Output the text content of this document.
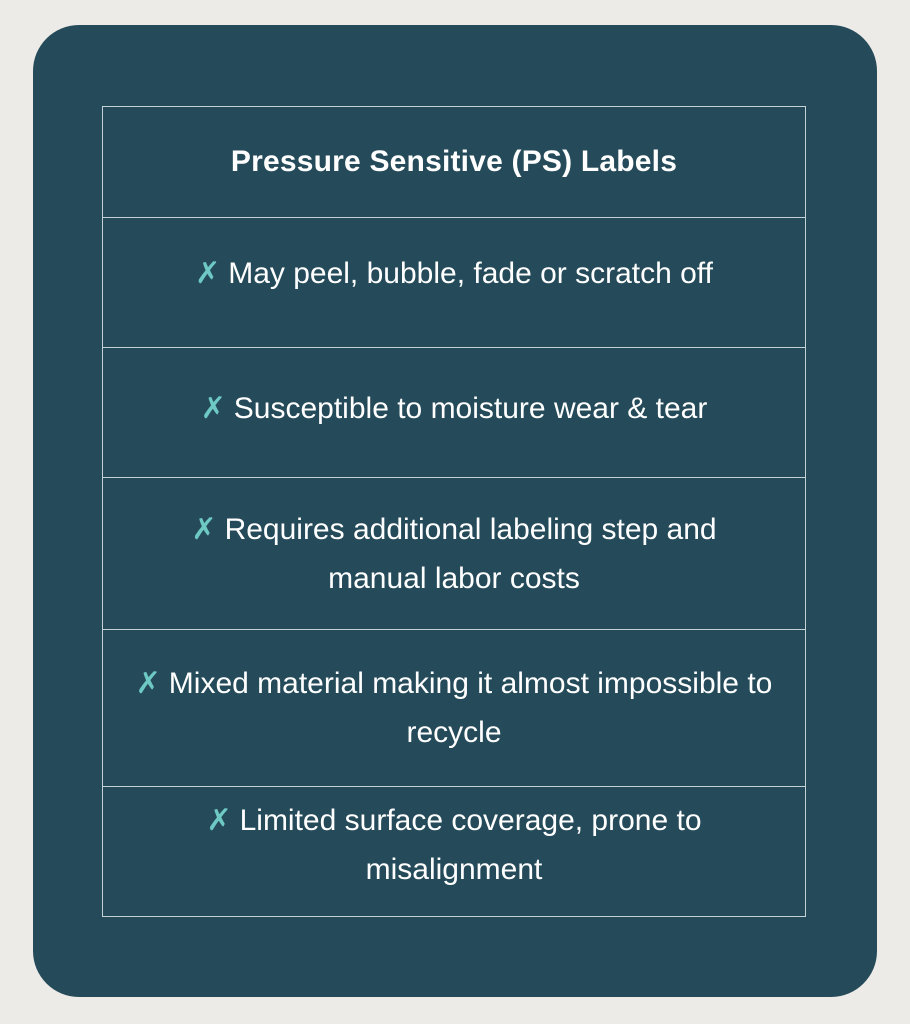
Pressure Sensitive (PS) Labels
✗ May peel, bubble, fade or scratch off
✗ Susceptible to moisture wear & tear
✗ Requires additional labeling step and manual labor costs
✗ Mixed material making it almost impossible to recycle
✗ Limited surface coverage, prone to misalignment
